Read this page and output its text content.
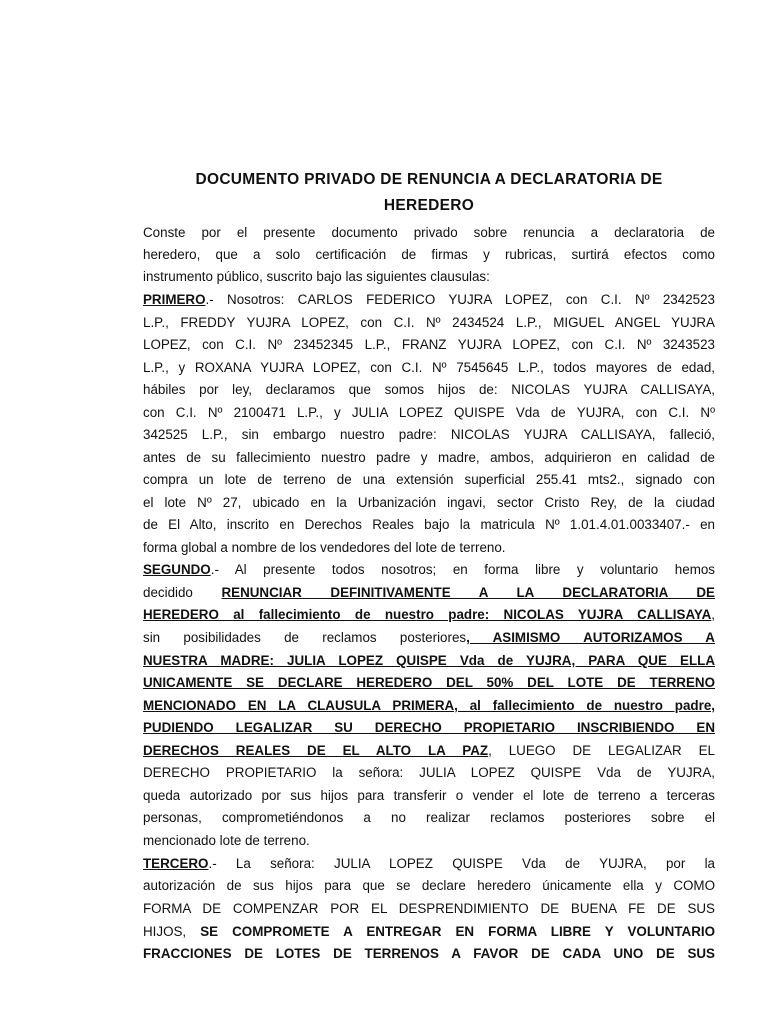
DOCUMENTO PRIVADO DE RENUNCIA A DECLARATORIA DE
HEREDERO
Conste por el presente documento privado sobre renuncia a declaratoria de
heredero, que a solo certificación de firmas y rubricas, surtirá efectos como
instrumento público, suscrito bajo las siguientes clausulas:
PRIMERO.- Nosotros: CARLOS FEDERICO YUJRA LOPEZ, con C.I. Nº 2342523
L.P., FREDDY YUJRA LOPEZ, con C.I. Nº 2434524 L.P., MIGUEL ANGEL YUJRA
LOPEZ, con C.I. Nº 23452345 L.P., FRANZ YUJRA LOPEZ, con C.I. Nº 3243523
L.P., y ROXANA YUJRA LOPEZ, con C.I. Nº 7545645 L.P., todos mayores de edad,
hábiles por ley, declaramos que somos hijos de: NICOLAS YUJRA CALLISAYA,
con C.I. Nº 2100471 L.P., y JULIA LOPEZ QUISPE Vda de YUJRA, con C.I. Nº
342525 L.P., sin embargo nuestro padre: NICOLAS YUJRA CALLISAYA, falleció,
antes de su fallecimiento nuestro padre y madre, ambos, adquirieron en calidad de
compra un lote de terreno de una extensión superficial 255.41 mts2., signado con
el lote Nº 27, ubicado en la Urbanización ingavi, sector Cristo Rey, de la ciudad
de El Alto, inscrito en Derechos Reales bajo la matricula Nº 1.01.4.01.0033407.- en
forma global a nombre de los vendedores del lote de terreno.
SEGUNDO.- Al presente todos nosotros; en forma libre y voluntario hemos
decidido RENUNCIAR DEFINITIVAMENTE A LA DECLARATORIA DE
HEREDERO al fallecimiento de nuestro padre: NICOLAS YUJRA CALLISAYA,
sin posibilidades de reclamos posteriores, ASIMISMO AUTORIZAMOS A
NUESTRA MADRE: JULIA LOPEZ QUISPE Vda de YUJRA, PARA QUE ELLA
UNICAMENTE SE DECLARE HEREDERO DEL 50% DEL LOTE DE TERRENO
MENCIONADO EN LA CLAUSULA PRIMERA, al fallecimiento de nuestro padre,
PUDIENDO LEGALIZAR SU DERECHO PROPIETARIO INSCRIBIENDO EN
DERECHOS REALES DE EL ALTO LA PAZ, LUEGO DE LEGALIZAR EL
DERECHO PROPIETARIO la señora: JULIA LOPEZ QUISPE Vda de YUJRA,
queda autorizado por sus hijos para transferir o vender el lote de terreno a terceras
personas, comprometiéndonos a no realizar reclamos posteriores sobre el
mencionado lote de terreno.
TERCERO.- La señora: JULIA LOPEZ QUISPE Vda de YUJRA, por la
autorización de sus hijos para que se declare heredero únicamente ella y COMO
FORMA DE COMPENZAR POR EL DESPRENDIMIENTO DE BUENA FE DE SUS
HIJOS, SE COMPROMETE A ENTREGAR EN FORMA LIBRE Y VOLUNTARIO
FRACCIONES DE LOTES DE TERRENOS A FAVOR DE CADA UNO DE SUS
